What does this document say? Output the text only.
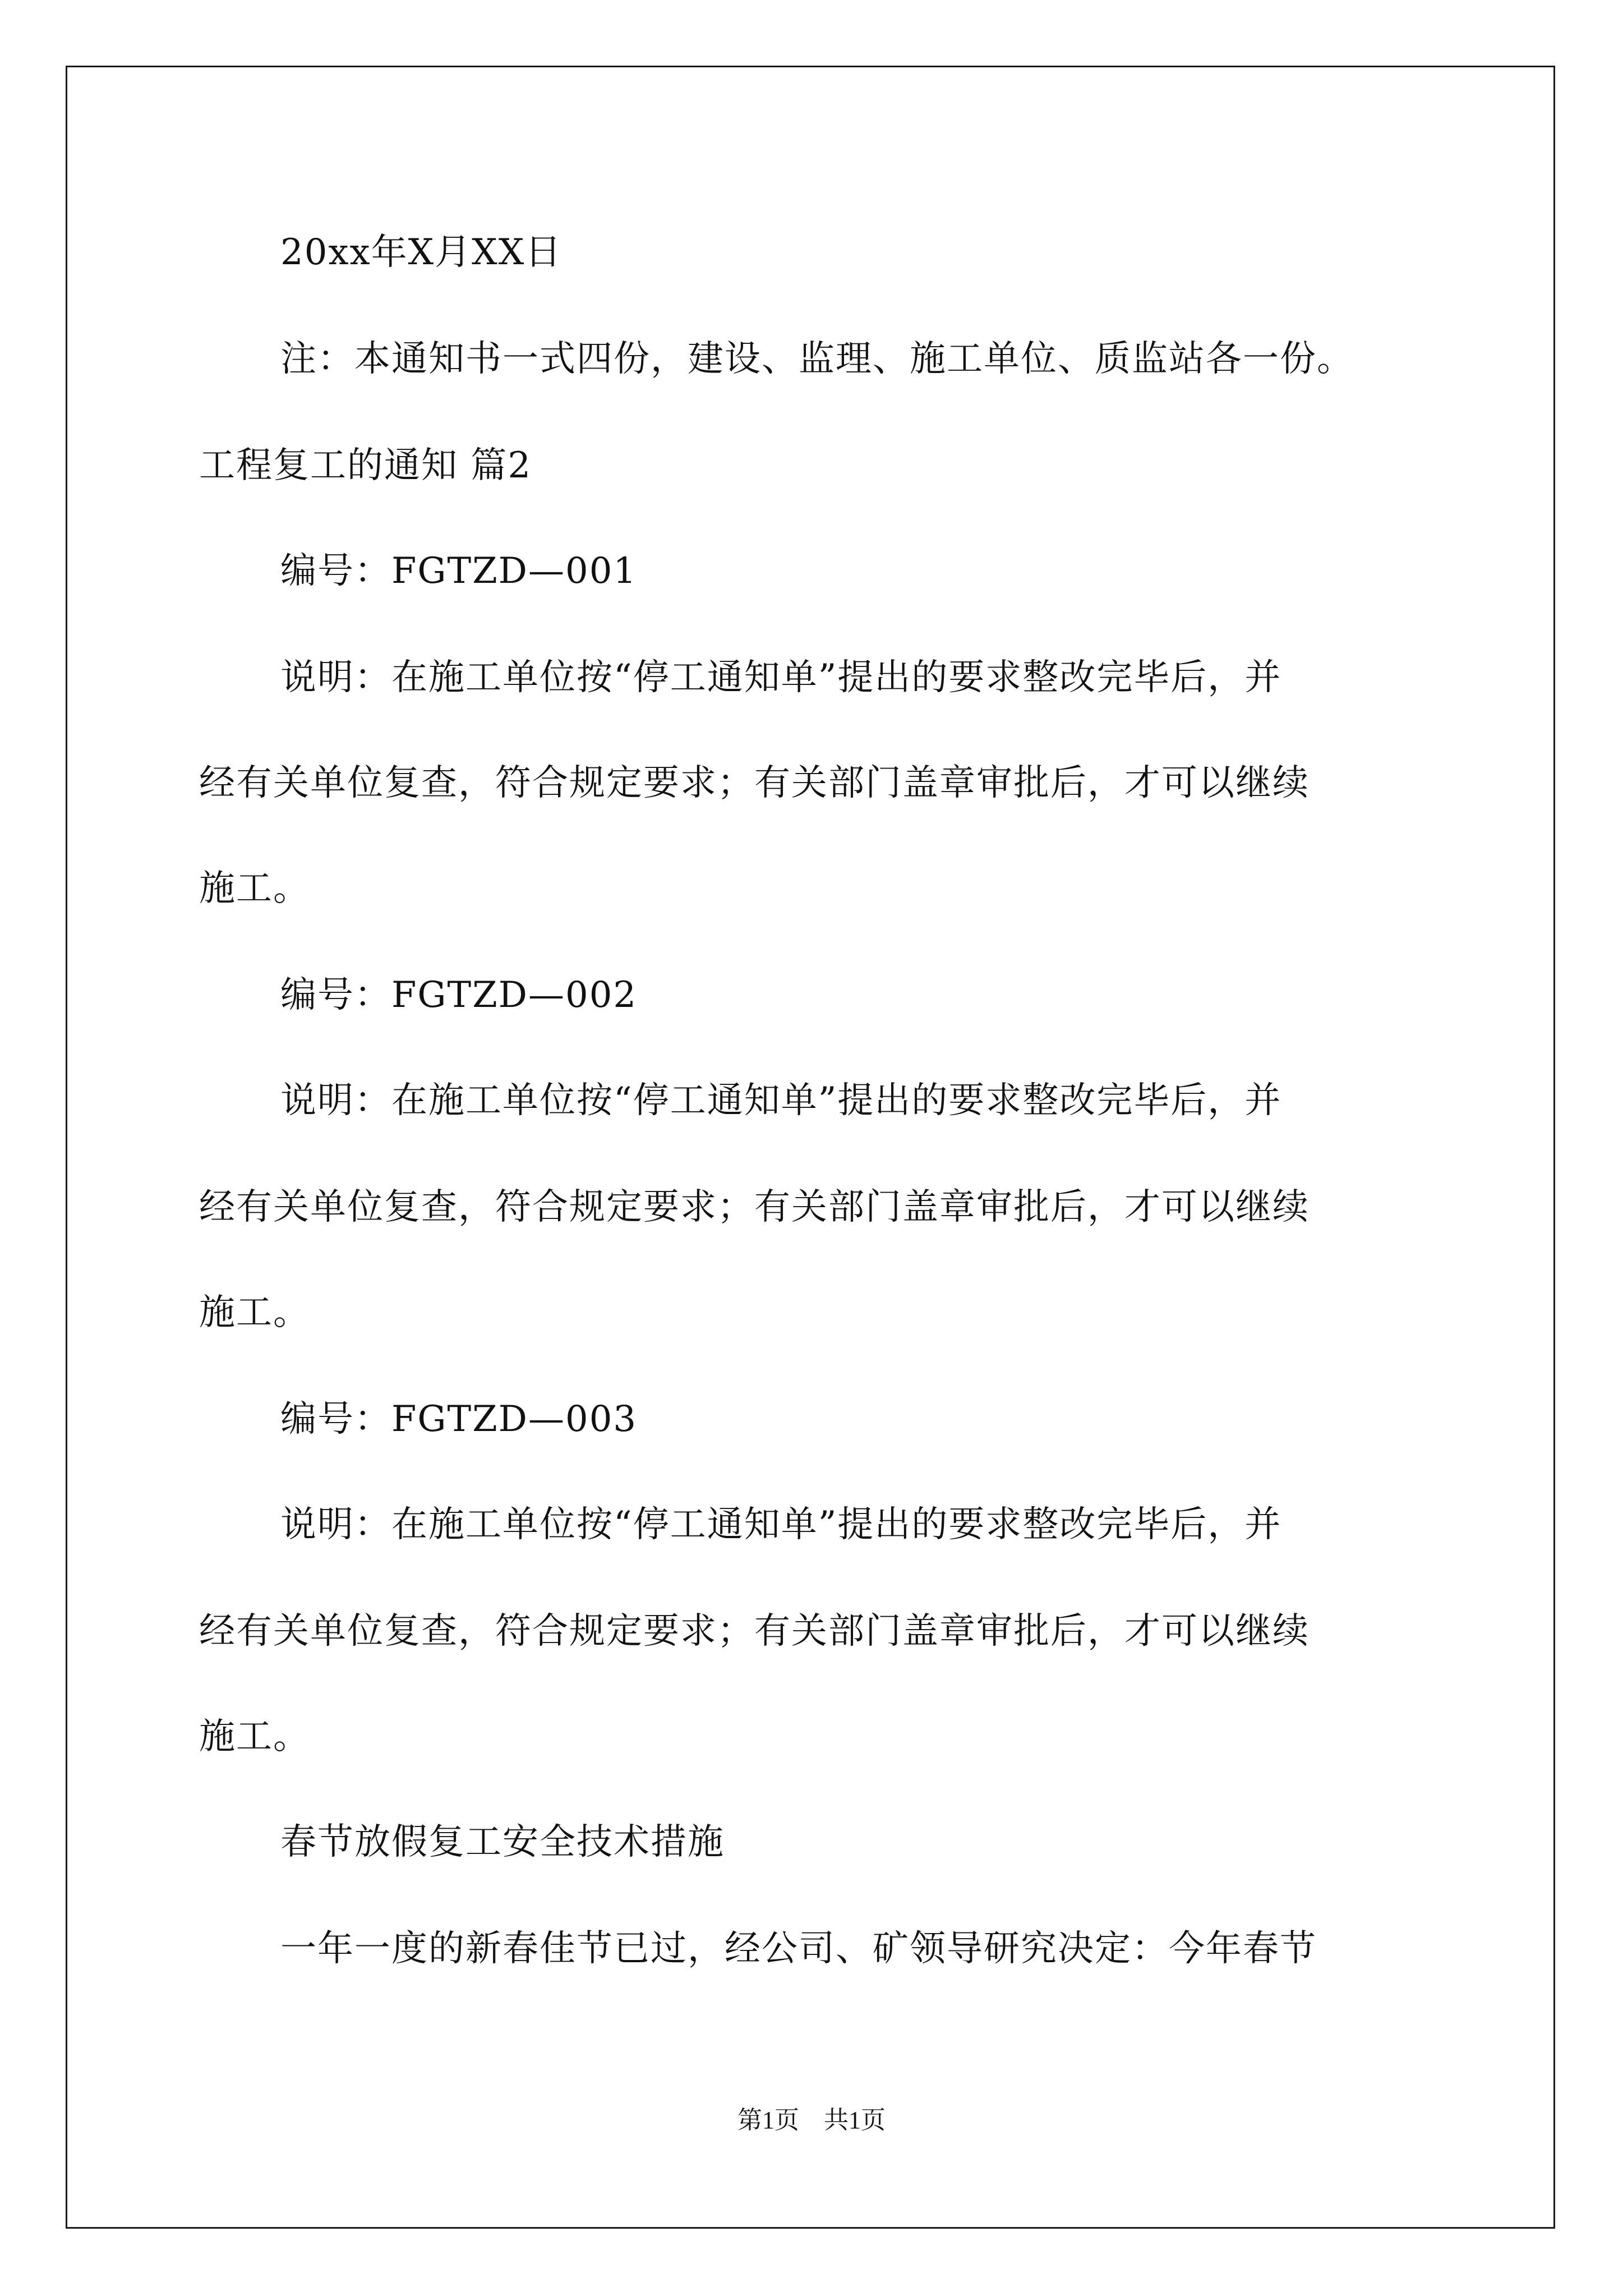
20xx年X月XX日
注：本通知书一式四份，建设、监理、施工单位、质监站各一份。
工程复工的通知 篇2
编号：FGTZD—001
说明：在施工单位按“停工通知单”提出的要求整改完毕后，并
经有关单位复查，符合规定要求；有关部门盖章审批后，才可以继续
施工。
编号：FGTZD—002
说明：在施工单位按“停工通知单”提出的要求整改完毕后，并
经有关单位复查，符合规定要求；有关部门盖章审批后，才可以继续
施工。
编号：FGTZD—003
说明：在施工单位按“停工通知单”提出的要求整改完毕后，并
经有关单位复查，符合规定要求；有关部门盖章审批后，才可以继续
施工。
春节放假复工安全技术措施
一年一度的新春佳节已过，经公司、矿领导研究决定：今年春节
第1页　共1页
